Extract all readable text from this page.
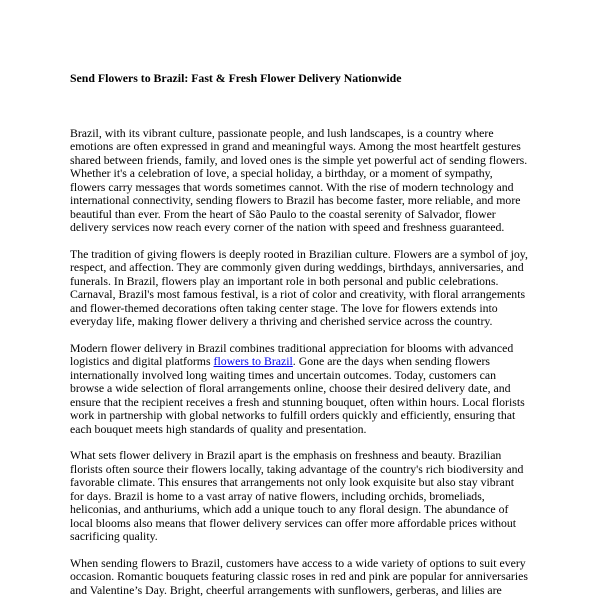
Send Flowers to Brazil: Fast & Fresh Flower Delivery Nationwide

Brazil, with its vibrant culture, passionate people, and lush landscapes, is a country where emotions are often expressed in grand and meaningful ways. Among the most heartfelt gestures shared between friends, family, and loved ones is the simple yet powerful act of sending flowers. Whether it's a celebration of love, a special holiday, a birthday, or a moment of sympathy, flowers carry messages that words sometimes cannot. With the rise of modern technology and international connectivity, sending flowers to Brazil has become faster, more reliable, and more beautiful than ever. From the heart of São Paulo to the coastal serenity of Salvador, flower delivery services now reach every corner of the nation with speed and freshness guaranteed.

The tradition of giving flowers is deeply rooted in Brazilian culture. Flowers are a symbol of joy, respect, and affection. They are commonly given during weddings, birthdays, anniversaries, and funerals. In Brazil, flowers play an important role in both personal and public celebrations. Carnaval, Brazil's most famous festival, is a riot of color and creativity, with floral arrangements and flower-themed decorations often taking center stage. The love for flowers extends into everyday life, making flower delivery a thriving and cherished service across the country.

Modern flower delivery in Brazil combines traditional appreciation for blooms with advanced logistics and digital platforms flowers to Brazil. Gone are the days when sending flowers internationally involved long waiting times and uncertain outcomes. Today, customers can browse a wide selection of floral arrangements online, choose their desired delivery date, and ensure that the recipient receives a fresh and stunning bouquet, often within hours. Local florists work in partnership with global networks to fulfill orders quickly and efficiently, ensuring that each bouquet meets high standards of quality and presentation.

What sets flower delivery in Brazil apart is the emphasis on freshness and beauty. Brazilian florists often source their flowers locally, taking advantage of the country's rich biodiversity and favorable climate. This ensures that arrangements not only look exquisite but also stay vibrant for days. Brazil is home to a vast array of native flowers, including orchids, bromeliads, heliconias, and anthuriums, which add a unique touch to any floral design. The abundance of local blooms also means that flower delivery services can offer more affordable prices without sacrificing quality.

When sending flowers to Brazil, customers have access to a wide variety of options to suit every occasion. Romantic bouquets featuring classic roses in red and pink are popular for anniversaries and Valentine’s Day. Bright, cheerful arrangements with sunflowers, gerberas, and lilies are
